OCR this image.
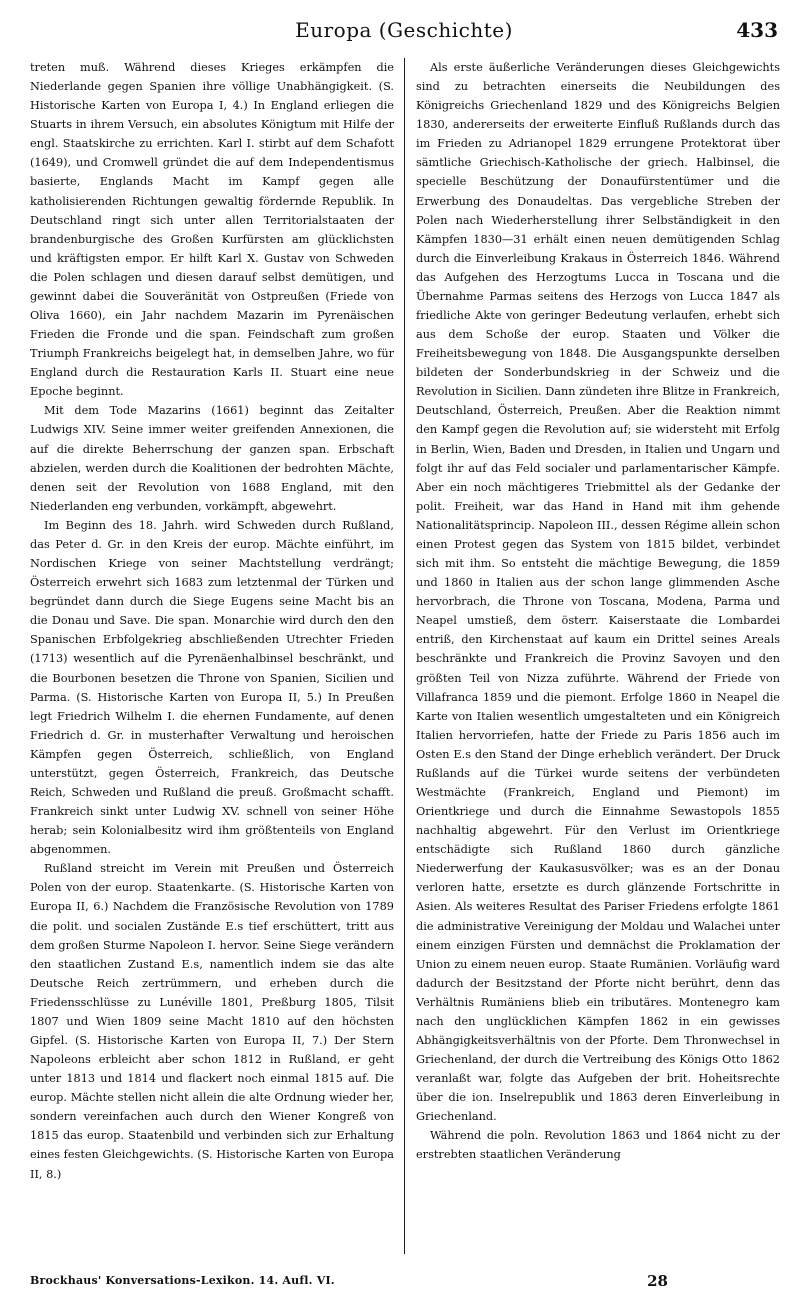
Europa (Geschichte)	433

treten muß. Während dieses Krieges erkämpfen die Niederlande gegen Spanien ihre völlige Unabhängigkeit. (S. Historische Karten von Europa I, 4.) In England erliegen die Stuarts in ihrem Versuch, ein absolutes Königtum mit Hilfe der engl. Staatskirche zu errichten. Karl I. stirbt auf dem Schafott (1649), und Cromwell gründet die auf dem Independentismus basierte, Englands Macht im Kampf gegen alle katholisierenden Richtungen gewaltig fördernde Republik. In Deutschland ringt sich unter allen Territorialstaaten der brandenburgische des Großen Kurfürsten am glücklichsten und kräftigsten empor. Er hilft Karl X. Gustav von Schweden die Polen schlagen und diesen darauf selbst demütigen, und gewinnt dabei die Souveränität von Ostpreußen (Friede von Oliva 1660), ein Jahr nachdem Mazarin im Pyrenäischen Frieden die Fronde und die span. Feindschaft zum großen Triumph Frankreichs beigelegt hat, in demselben Jahre, wo für England durch die Restauration Karls II. Stuart eine neue Epoche beginnt.

Mit dem Tode Mazarins (1661) beginnt das Zeitalter Ludwigs XIV. Seine immer weiter greifenden Annexionen, die auf die direkte Beherrschung der ganzen span. Erbschaft abzielen, werden durch die Koalitionen der bedrohten Mächte, denen seit der Revolution von 1688 England, mit den Niederlanden eng verbunden, vorkämpft, abgewehrt.

Im Beginn des 18. Jahrh. wird Schweden durch Rußland, das Peter d. Gr. in den Kreis der europ. Mächte einführt, im Nordischen Kriege von seiner Machtstellung verdrängt; Österreich erwehrt sich 1683 zum letztenmal der Türken und begründet dann durch die Siege Eugens seine Macht bis an die Donau und Save. Die span. Monarchie wird durch den den Spanischen Erbfolgekrieg abschließenden Utrechter Frieden (1713) wesentlich auf die Pyrenäenhalbinsel beschränkt, und die Bourbonen besetzen die Throne von Spanien, Sicilien und Parma. (S. Historische Karten von Europa II, 5.) In Preußen legt Friedrich Wilhelm I. die ehernen Fundamente, auf denen Friedrich d. Gr. in musterhafter Verwaltung und heroischen Kämpfen gegen Österreich, schließlich, von England unterstützt, gegen Österreich, Frankreich, das Deutsche Reich, Schweden und Rußland die preuß. Großmacht schafft. Frankreich sinkt unter Ludwig XV. schnell von seiner Höhe herab; sein Kolonialbesitz wird ihm größtenteils von England abgenommen.

Rußland streicht im Verein mit Preußen und Österreich Polen von der europ. Staatenkarte. (S. Historische Karten von Europa II, 6.) Nachdem die Französische Revolution von 1789 die polit. und socialen Zustände E.s tief erschüttert, tritt aus dem großen Sturme Napoleon I. hervor. Seine Siege verändern den staatlichen Zustand E.s, namentlich indem sie das alte Deutsche Reich zertrümmern, und erheben durch die Friedensschlüsse zu Lunéville 1801, Preßburg 1805, Tilsit 1807 und Wien 1809 seine Macht 1810 auf den höchsten Gipfel. (S. Historische Karten von Europa II, 7.) Der Stern Napoleons erbleicht aber schon 1812 in Rußland, er geht unter 1813 und 1814 und flackert noch einmal 1815 auf. Die europ. Mächte stellen nicht allein die alte Ordnung wieder her, sondern vereinfachen auch durch den Wiener Kongreß von 1815 das europ. Staatenbild und verbinden sich zur Erhaltung eines festen Gleichgewichts. (S. Historische Karten von Europa II, 8.)

Als erste äußerliche Veränderungen dieses Gleichgewichts sind zu betrachten einerseits die Neubildungen des Königreichs Griechenland 1829 und des Königreichs Belgien 1830, andererseits der erweiterte Einfluß Rußlands durch das im Frieden zu Adrianopel 1829 errungene Protektorat über sämtliche Griechisch-Katholische der griech. Halbinsel, die specielle Beschützung der Donaufürstentümer und die Erwerbung des Donaudeltas. Das vergebliche Streben der Polen nach Wiederherstellung ihrer Selbständigkeit in den Kämpfen 1830—31 erhält einen neuen demütigenden Schlag durch die Einverleibung Krakaus in Österreich 1846. Während das Aufgehen des Herzogtums Lucca in Toscana und die Übernahme Parmas seitens des Herzogs von Lucca 1847 als friedliche Akte von geringer Bedeutung verlaufen, erhebt sich aus dem Schoße der europ. Staaten und Völker die Freiheitsbewegung von 1848. Die Ausgangspunkte derselben bildeten der Sonderbundskrieg in der Schweiz und die Revolution in Sicilien. Dann zündeten ihre Blitze in Frankreich, Deutschland, Österreich, Preußen. Aber die Reaktion nimmt den Kampf gegen die Revolution auf; sie widersteht mit Erfolg in Berlin, Wien, Baden und Dresden, in Italien und Ungarn und folgt ihr auf das Feld socialer und parlamentarischer Kämpfe. Aber ein noch mächtigeres Triebmittel als der Gedanke der polit. Freiheit, war das Hand in Hand mit ihm gehende Nationalitätsprincip. Napoleon III., dessen Régime allein schon einen Protest gegen das System von 1815 bildet, verbindet sich mit ihm. So entsteht die mächtige Bewegung, die 1859 und 1860 in Italien aus der schon lange glimmenden Asche hervorbrach, die Throne von Toscana, Modena, Parma und Neapel umstieß, dem österr. Kaiserstaate die Lombardei entriß, den Kirchenstaat auf kaum ein Drittel seines Areals beschränkte und Frankreich die Provinz Savoyen und den größten Teil von Nizza zuführte. Während der Friede von Villafranca 1859 und die piemont. Erfolge 1860 in Neapel die Karte von Italien wesentlich umgestalteten und ein Königreich Italien hervorriefen, hatte der Friede zu Paris 1856 auch im Osten E.s den Stand der Dinge erheblich verändert. Der Druck Rußlands auf die Türkei wurde seitens der verbündeten Westmächte (Frankreich, England und Piemont) im Orientkriege und durch die Einnahme Sewastopols 1855 nachhaltig abgewehrt. Für den Verlust im Orientkriege entschädigte sich Rußland 1860 durch gänzliche Niederwerfung der Kaukasusvölker; was es an der Donau verloren hatte, ersetzte es durch glänzende Fortschritte in Asien. Als weiteres Resultat des Pariser Friedens erfolgte 1861 die administrative Vereinigung der Moldau und Walachei unter einem einzigen Fürsten und demnächst die Proklamation der Union zu einem neuen europ. Staate Rumänien. Vorläufig ward dadurch der Besitzstand der Pforte nicht berührt, denn das Verhältnis Rumäniens blieb ein tributäres. Montenegro kam nach den unglücklichen Kämpfen 1862 in ein gewisses Abhängigkeitsverhältnis von der Pforte. Dem Thronwechsel in Griechenland, der durch die Vertreibung des Königs Otto 1862 veranlaßt war, folgte das Aufgeben der brit. Hoheitsrechte über die ion. Inselrepublik und 1863 deren Einverleibung in Griechenland.

Während die poln. Revolution 1863 und 1864 nicht zu der erstrebten staatlichen Veränderung

Brockhaus' Konversations-Lexikon. 14. Aufl. VI.	28
